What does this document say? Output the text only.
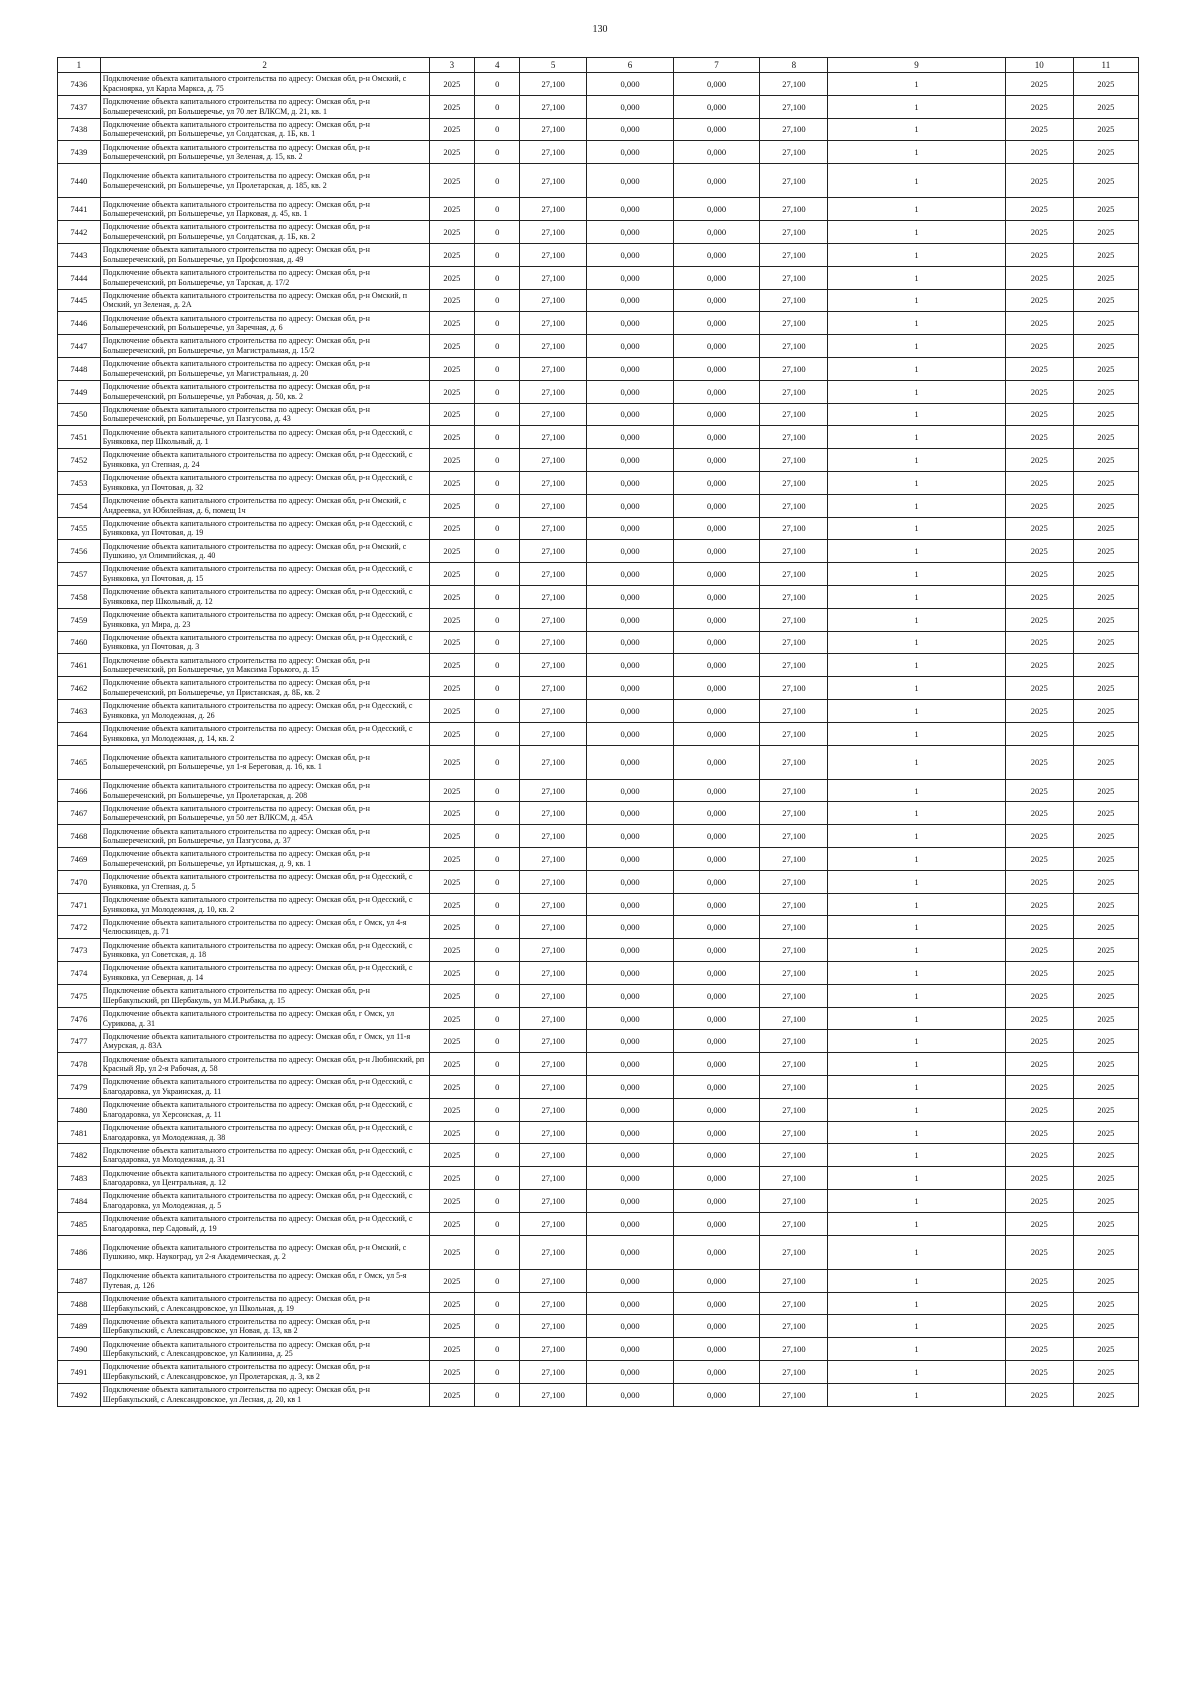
130
1	2	3	4	5	6	7	8	9	10	11
7436	Подключение объекта капитального строительства по адресу: Омская обл, р-н Омский, с Красноярка, ул Карла Маркса, д. 75	2025	0	27,100	0,000	0,000	27,100	1	2025	2025
7437	Подключение объекта капитального строительства по адресу: Омская обл, р-н Большереченский, рп Большеречье, ул 70 лет ВЛКСМ, д. 21, кв. 1	2025	0	27,100	0,000	0,000	27,100	1	2025	2025
7438	Подключение объекта капитального строительства по адресу: Омская обл, р-н Большереченский, рп Большеречье, ул Солдатская, д. 1Б, кв. 1	2025	0	27,100	0,000	0,000	27,100	1	2025	2025
7439	Подключение объекта капитального строительства по адресу: Омская обл, р-н Большереченский, рп Большеречье, ул Зеленая, д. 15, кв. 2	2025	0	27,100	0,000	0,000	27,100	1	2025	2025
7440	Подключение объекта капитального строительства по адресу: Омская обл, р-н Большереченский, рп Большеречье, ул Пролетарская, д. 185, кв. 2	2025	0	27,100	0,000	0,000	27,100	1	2025	2025
7441	Подключение объекта капитального строительства по адресу: Омская обл, р-н Большереченский, рп Большеречье, ул Парковая, д. 45, кв. 1	2025	0	27,100	0,000	0,000	27,100	1	2025	2025
7442	Подключение объекта капитального строительства по адресу: Омская обл, р-н Большереченский, рп Большеречье, ул Солдатская, д. 1Б, кв. 2	2025	0	27,100	0,000	0,000	27,100	1	2025	2025
7443	Подключение объекта капитального строительства по адресу: Омская обл, р-н Большереченский, рп Большеречье, ул Профсоюзная, д. 49	2025	0	27,100	0,000	0,000	27,100	1	2025	2025
7444	Подключение объекта капитального строительства по адресу: Омская обл, р-н Большереченский, рп Большеречье, ул Тарская, д. 17/2	2025	0	27,100	0,000	0,000	27,100	1	2025	2025
7445	Подключение объекта капитального строительства по адресу: Омская обл, р-н Омский, п Омский, ул Зеленая, д. 2А	2025	0	27,100	0,000	0,000	27,100	1	2025	2025
7446	Подключение объекта капитального строительства по адресу: Омская обл, р-н Большереченский, рп Большеречье, ул Заречная, д. 6	2025	0	27,100	0,000	0,000	27,100	1	2025	2025
7447	Подключение объекта капитального строительства по адресу: Омская обл, р-н Большереченский, рп Большеречье, ул Магистральная, д. 15/2	2025	0	27,100	0,000	0,000	27,100	1	2025	2025
7448	Подключение объекта капитального строительства по адресу: Омская обл, р-н Большереченский, рп Большеречье, ул Магистральная, д. 20	2025	0	27,100	0,000	0,000	27,100	1	2025	2025
7449	Подключение объекта капитального строительства по адресу: Омская обл, р-н Большереченский, рп Большеречье, ул Рабочая, д. 50, кв. 2	2025	0	27,100	0,000	0,000	27,100	1	2025	2025
7450	Подключение объекта капитального строительства по адресу: Омская обл, р-н Большереченский, рп Большеречье, ул Пазгусова, д. 43	2025	0	27,100	0,000	0,000	27,100	1	2025	2025
7451	Подключение объекта капитального строительства по адресу: Омская обл, р-н Одесский, с Буняковка, пер Школьный, д. 1	2025	0	27,100	0,000	0,000	27,100	1	2025	2025
7452	Подключение объекта капитального строительства по адресу: Омская обл, р-н Одесский, с Буняковка, ул Степная, д. 24	2025	0	27,100	0,000	0,000	27,100	1	2025	2025
7453	Подключение объекта капитального строительства по адресу: Омская обл, р-н Одесский, с Буняковка, ул Почтовая, д. 32	2025	0	27,100	0,000	0,000	27,100	1	2025	2025
7454	Подключение объекта капитального строительства по адресу: Омская обл, р-н Омский, с Андреевка, ул Юбилейная, д. 6, помещ 1ч	2025	0	27,100	0,000	0,000	27,100	1	2025	2025
7455	Подключение объекта капитального строительства по адресу: Омская обл, р-н Одесский, с Буняковка, ул Почтовая, д. 19	2025	0	27,100	0,000	0,000	27,100	1	2025	2025
7456	Подключение объекта капитального строительства по адресу: Омская обл, р-н Омский, с Пушкино, ул Олимпийская, д. 40	2025	0	27,100	0,000	0,000	27,100	1	2025	2025
7457	Подключение объекта капитального строительства по адресу: Омская обл, р-н Одесский, с Буняковка, ул Почтовая, д. 15	2025	0	27,100	0,000	0,000	27,100	1	2025	2025
7458	Подключение объекта капитального строительства по адресу: Омская обл, р-н Одесский, с Буняковка, пер Школьный, д. 12	2025	0	27,100	0,000	0,000	27,100	1	2025	2025
7459	Подключение объекта капитального строительства по адресу: Омская обл, р-н Одесский, с Буняковка, ул Мира, д. 23	2025	0	27,100	0,000	0,000	27,100	1	2025	2025
7460	Подключение объекта капитального строительства по адресу: Омская обл, р-н Одесский, с Буняковка, ул Почтовая, д. 3	2025	0	27,100	0,000	0,000	27,100	1	2025	2025
7461	Подключение объекта капитального строительства по адресу: Омская обл, р-н Большереченский, рп Большеречье, ул Максима Горького, д. 15	2025	0	27,100	0,000	0,000	27,100	1	2025	2025
7462	Подключение объекта капитального строительства по адресу: Омская обл, р-н Большереченский, рп Большеречье, ул Пристанская, д. 8Б, кв. 2	2025	0	27,100	0,000	0,000	27,100	1	2025	2025
7463	Подключение объекта капитального строительства по адресу: Омская обл, р-н Одесский, с Буняковка, ул Молодежная, д. 26	2025	0	27,100	0,000	0,000	27,100	1	2025	2025
7464	Подключение объекта капитального строительства по адресу: Омская обл, р-н Одесский, с Буняковка, ул Молодежная, д. 14, кв. 2	2025	0	27,100	0,000	0,000	27,100	1	2025	2025
7465	Подключение объекта капитального строительства по адресу: Омская обл, р-н Большереченский, рп Большеречье, ул 1-я Береговая, д. 16, кв. 1	2025	0	27,100	0,000	0,000	27,100	1	2025	2025
7466	Подключение объекта капитального строительства по адресу: Омская обл, р-н Большереченский, рп Большеречье, ул Пролетарская, д. 208	2025	0	27,100	0,000	0,000	27,100	1	2025	2025
7467	Подключение объекта капитального строительства по адресу: Омская обл, р-н Большереченский, рп Большеречье, ул 50 лет ВЛКСМ, д. 45А	2025	0	27,100	0,000	0,000	27,100	1	2025	2025
7468	Подключение объекта капитального строительства по адресу: Омская обл, р-н Большереченский, рп Большеречье, ул Пазгусова, д. 37	2025	0	27,100	0,000	0,000	27,100	1	2025	2025
7469	Подключение объекта капитального строительства по адресу: Омская обл, р-н Большереченский, рп Большеречье, ул Иртышская, д. 9, кв. 1	2025	0	27,100	0,000	0,000	27,100	1	2025	2025
7470	Подключение объекта капитального строительства по адресу: Омская обл, р-н Одесский, с Буняковка, ул Степная, д. 5	2025	0	27,100	0,000	0,000	27,100	1	2025	2025
7471	Подключение объекта капитального строительства по адресу: Омская обл, р-н Одесский, с Буняковка, ул Молодежная, д. 10, кв. 2	2025	0	27,100	0,000	0,000	27,100	1	2025	2025
7472	Подключение объекта капитального строительства по адресу: Омская обл, г Омск, ул 4-я Челюскинцев, д. 71	2025	0	27,100	0,000	0,000	27,100	1	2025	2025
7473	Подключение объекта капитального строительства по адресу: Омская обл, р-н Одесский, с Буняковка, ул Советская, д. 18	2025	0	27,100	0,000	0,000	27,100	1	2025	2025
7474	Подключение объекта капитального строительства по адресу: Омская обл, р-н Одесский, с Буняковка, ул Северная, д. 14	2025	0	27,100	0,000	0,000	27,100	1	2025	2025
7475	Подключение объекта капитального строительства по адресу: Омская обл, р-н Шербакульский, рп Шербакуль, ул М.И.Рыбака, д. 15	2025	0	27,100	0,000	0,000	27,100	1	2025	2025
7476	Подключение объекта капитального строительства по адресу: Омская обл, г Омск, ул Сурикова, д. 31	2025	0	27,100	0,000	0,000	27,100	1	2025	2025
7477	Подключение объекта капитального строительства по адресу: Омская обл, г Омск, ул 11-я Амурская, д. 83А	2025	0	27,100	0,000	0,000	27,100	1	2025	2025
7478	Подключение объекта капитального строительства по адресу: Омская обл, р-н Любинский, рп Красный Яр, ул 2-я Рабочая, д. 58	2025	0	27,100	0,000	0,000	27,100	1	2025	2025
7479	Подключение объекта капитального строительства по адресу: Омская обл, р-н Одесский, с Благодаровка, ул Украинская, д. 11	2025	0	27,100	0,000	0,000	27,100	1	2025	2025
7480	Подключение объекта капитального строительства по адресу: Омская обл, р-н Одесский, с Благодаровка, ул Херсонская, д. 11	2025	0	27,100	0,000	0,000	27,100	1	2025	2025
7481	Подключение объекта капитального строительства по адресу: Омская обл, р-н Одесский, с Благодаровка, ул Молодежная, д. 38	2025	0	27,100	0,000	0,000	27,100	1	2025	2025
7482	Подключение объекта капитального строительства по адресу: Омская обл, р-н Одесский, с Благодаровка, ул Молодежная, д. 31	2025	0	27,100	0,000	0,000	27,100	1	2025	2025
7483	Подключение объекта капитального строительства по адресу: Омская обл, р-н Одесский, с Благодаровка, ул Центральная, д. 12	2025	0	27,100	0,000	0,000	27,100	1	2025	2025
7484	Подключение объекта капитального строительства по адресу: Омская обл, р-н Одесский, с Благодаровка, ул Молодежная, д. 5	2025	0	27,100	0,000	0,000	27,100	1	2025	2025
7485	Подключение объекта капитального строительства по адресу: Омская обл, р-н Одесский, с Благодаровка, пер Садовый, д. 19	2025	0	27,100	0,000	0,000	27,100	1	2025	2025
7486	Подключение объекта капитального строительства по адресу: Омская обл, р-н Омский, с Пушкино, мкр. Наукоград, ул 2-я Академическая, д. 2	2025	0	27,100	0,000	0,000	27,100	1	2025	2025
7487	Подключение объекта капитального строительства по адресу: Омская обл, г Омск, ул 5-я Путевая, д. 126	2025	0	27,100	0,000	0,000	27,100	1	2025	2025
7488	Подключение объекта капитального строительства по адресу: Омская обл, р-н Шербакульский, с Александровское, ул Школьная, д. 19	2025	0	27,100	0,000	0,000	27,100	1	2025	2025
7489	Подключение объекта капитального строительства по адресу: Омская обл, р-н Шербакульский, с Александровское, ул Новая, д. 13, кв 2	2025	0	27,100	0,000	0,000	27,100	1	2025	2025
7490	Подключение объекта капитального строительства по адресу: Омская обл, р-н Шербакульский, с Александровское, ул Калинина, д. 25	2025	0	27,100	0,000	0,000	27,100	1	2025	2025
7491	Подключение объекта капитального строительства по адресу: Омская обл, р-н Шербакульский, с Александровское, ул Пролетарская, д. 3, кв 2	2025	0	27,100	0,000	0,000	27,100	1	2025	2025
7492	Подключение объекта капитального строительства по адресу: Омская обл, р-н Шербакульский, с Александровское, ул Лесная, д. 20, кв 1	2025	0	27,100	0,000	0,000	27,100	1	2025	2025
